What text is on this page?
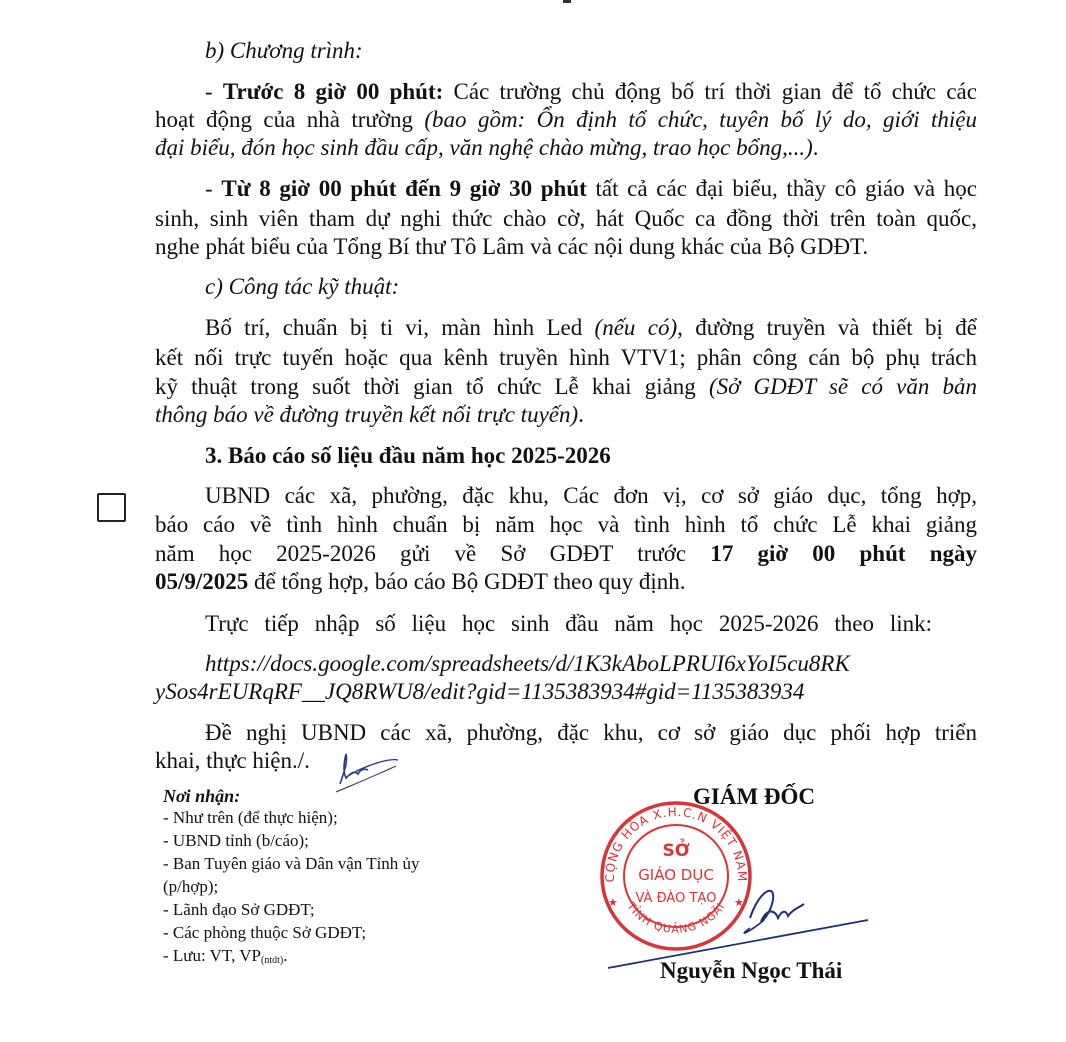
b) Chương trình:
- Trước 8 giờ 00 phút: Các trường chủ động bố trí thời gian để tổ chức các
hoạt động của nhà trường (bao gồm: Ổn định tổ chức, tuyên bố lý do, giới thiệu
đại biểu, đón học sinh đầu cấp, văn nghệ chào mừng, trao học bổng,...).
- Từ 8 giờ 00 phút đến 9 giờ 30 phút tất cả các đại biểu, thầy cô giáo và học
sinh, sinh viên tham dự nghi thức chào cờ, hát Quốc ca đồng thời trên toàn quốc,
nghe phát biểu của Tổng Bí thư Tô Lâm và các nội dung khác của Bộ GDĐT.
c) Công tác kỹ thuật:
Bố trí, chuẩn bị ti vi, màn hình Led (nếu có), đường truyền và thiết bị để
kết nối trực tuyến hoặc qua kênh truyền hình VTV1; phân công cán bộ phụ trách
kỹ thuật trong suốt thời gian tổ chức Lễ khai giảng (Sở GDĐT sẽ có văn bản
thông báo về đường truyền kết nối trực tuyến).
3. Báo cáo số liệu đầu năm học 2025-2026
UBND các xã, phường, đặc khu, Các đơn vị, cơ sở giáo dục, tổng hợp,
báo cáo về tình hình chuẩn bị năm học và tình hình tổ chức Lễ khai giảng
năm học 2025-2026 gửi về Sở GDĐT trước 17 giờ 00 phút ngày
05/9/2025 để tổng hợp, báo cáo Bộ GDĐT theo quy định.
Trực tiếp nhập số liệu học sinh đầu năm học 2025-2026 theo link:
https://docs.google.com/spreadsheets/d/1K3kAboLPRUI6xYoI5cu8RK
ySos4rEURqRF__JQ8RWU8/edit?gid=1135383934#gid=1135383934
Đề nghị UBND các xã, phường, đặc khu, cơ sở giáo dục phối hợp triển
khai, thực hiện./.
Nơi nhận:
- Như trên (để thực hiện);
- UBND tỉnh (b/cáo);
- Ban Tuyên giáo và Dân vận Tỉnh ủy
(p/hợp);
- Lãnh đạo Sở GDĐT;
- Các phòng thuộc Sở GDĐT;
- Lưu: VT, $VP_{(ntdt)}$.
GIÁM ĐỐC
CỘNG HÒA X.H.C.N VIỆT NAM
TỈNH QUẢNG NGÃI
SỞ
GIÁO DỤC
VÀ ĐÀO TẠO
★	★
Nguyễn Ngọc Thái
